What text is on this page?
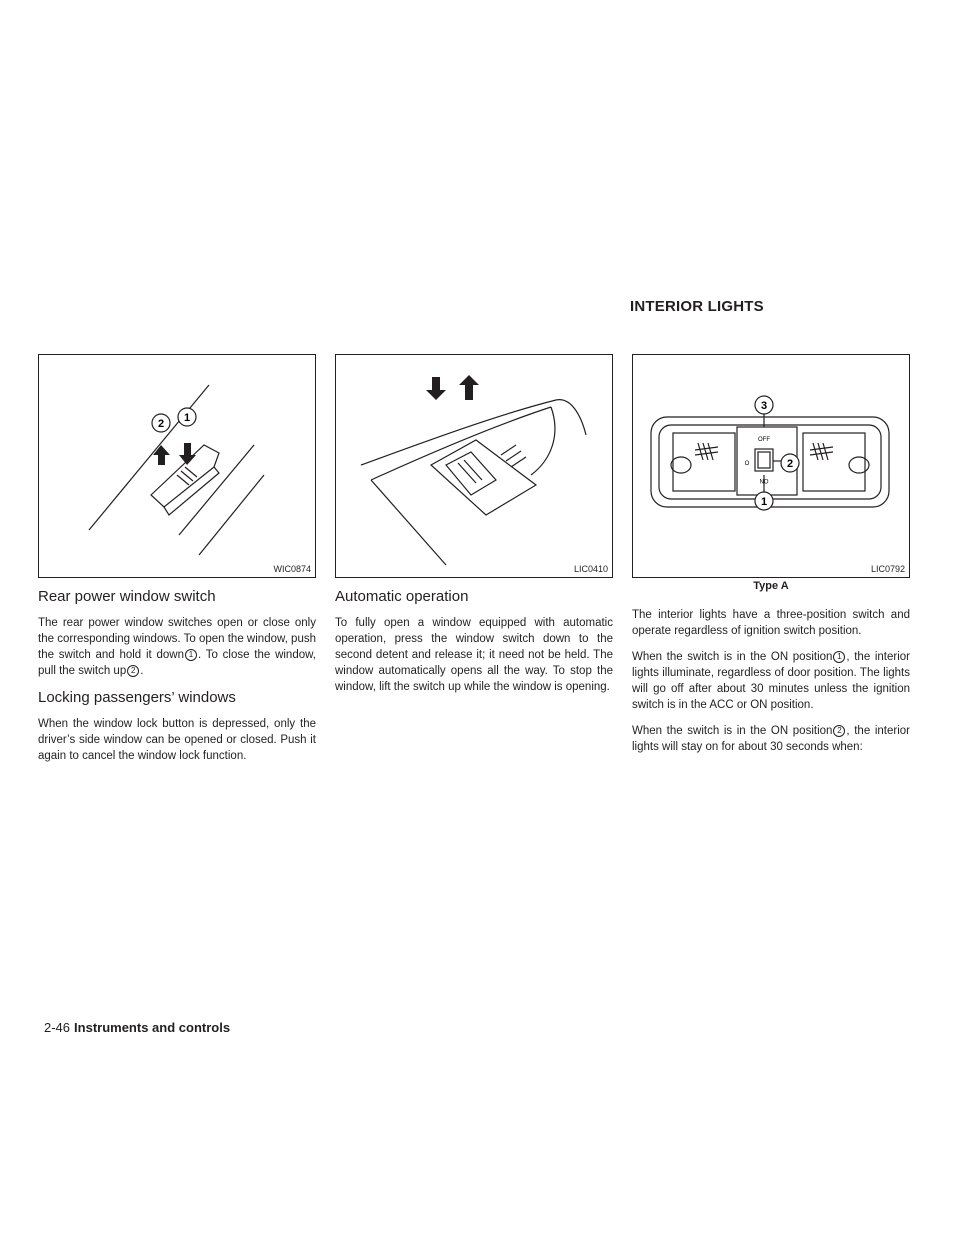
INTERIOR LIGHTS
2 1
WIC0874	LIC0410
OFF
O
ON
3
2
1
LIC0792
Type A
Rear power window switch

The rear power window switches open or close only the corresponding windows. To open the window, push the switch and hold it down 1 . To close the window, pull the switch up 2 .

Locking passengers’ windows

When the window lock button is depressed, only the driver’s side window can be opened or closed. Push it again to cancel the window lock function.

Automatic operation

To fully open a window equipped with automatic operation, press the window switch down to the second detent and release it; it need not be held. The window automatically opens all the way. To stop the window, lift the switch up while the window is opening.

The interior lights have a three-position switch and operate regardless of ignition switch position.

When the switch is in the ON position 1 , the interior lights illuminate, regardless of door position. The lights will go off after about 30 minutes unless the ignition switch is in the ACC or ON position.

When the switch is in the ON position 2 , the interior lights will stay on for about 30 seconds when:

2-46 Instruments and controls
